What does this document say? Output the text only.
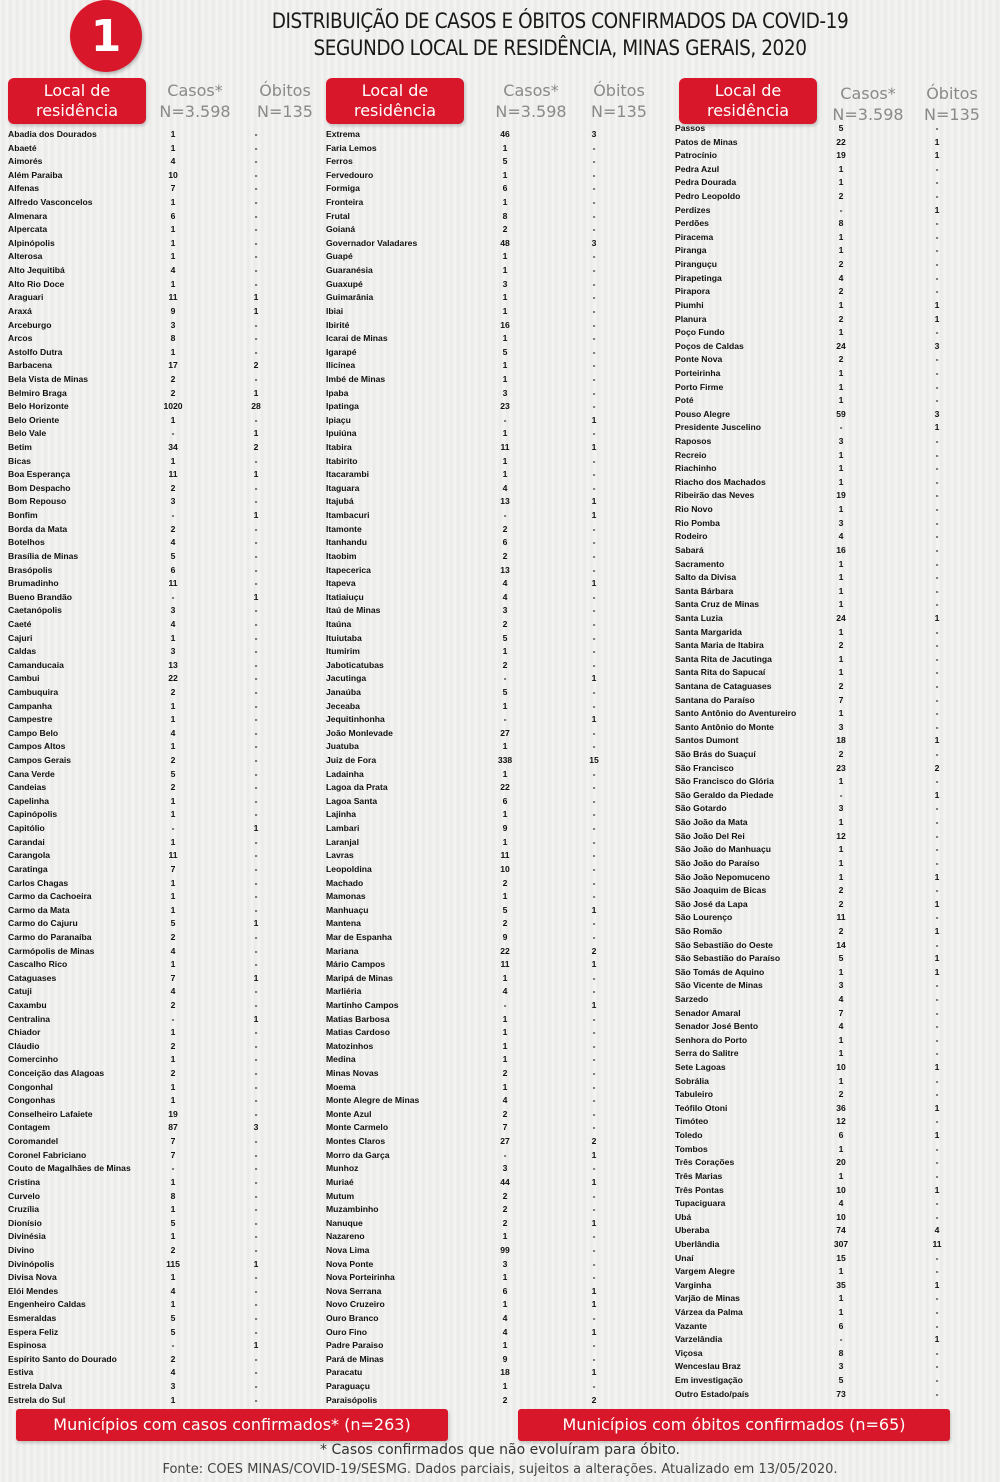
1	DISTRIBUIÇÃO DE CASOS E ÓBITOS CONFIRMADOS DA COVID-19
SEGUNDO LOCAL DE RESIDÊNCIA, MINAS GERAIS, 2020
Local de
residência
Casos*
N=3.598
Óbitos
N=135
Abadia dos Dourados	1	-
Abaeté	1	-
Aimorés	4	-
Além Paraiba	10	-
Alfenas	7	-
Alfredo Vasconcelos	1	-
Almenara	6	-
Alpercata	1	-
Alpinópolis	1	-
Alterosa	1	-
Alto Jequitibá	4	-
Alto Rio Doce	1	-
Araguari	11	1
Araxá	9	1
Arceburgo	3	-
Arcos	8	-
Astolfo Dutra	1	-
Barbacena	17	2
Bela Vista de Minas	2	-
Belmiro Braga	2	1
Belo Horizonte	1020	28
Belo Oriente	1	-
Belo Vale	-	1
Betim	34	2
Bicas	1	-
Boa Esperança	11	1
Bom Despacho	2	-
Bom Repouso	3	-
Bonfim	-	1
Borda da Mata	2	-
Botelhos	4	-
Brasília de Minas	5	-
Brasópolis	6	-
Brumadinho	11	-
Bueno Brandão	-	1
Caetanópolis	3	-
Caeté	4	-
Cajuri	1	-
Caldas	3	-
Camanducaia	13	-
Cambui	22	-
Cambuquira	2	-
Campanha	1	-
Campestre	1	-
Campo Belo	4	-
Campos Altos	1	-
Campos Gerais	2	-
Cana Verde	5	-
Candeias	2	-
Capelinha	1	-
Capinópolis	1	-
Capitólio	-	1
Carandai	1	-
Carangola	11	-
Caratinga	7	-
Carlos Chagas	1	-
Carmo da Cachoeira	1	-
Carmo da Mata	1	-
Carmo do Cajuru	5	1
Carmo do Paranaíba	2	-
Carmópolis de Minas	4	-
Cascalho Rico	1	-
Cataguases	7	1
Catuji	4	-
Caxambu	2	-
Centralina	-	1
Chiador	1	-
Cláudio	2	-
Comercinho	1	-
Conceição das Alagoas	2	-
Congonhal	1	-
Congonhas	1	-
Conselheiro Lafaiete	19	-
Contagem	87	3
Coromandel	7	-
Coronel Fabriciano	7	-
Couto de Magalhães de Minas	-	-
Cristina	1	-
Curvelo	8	-
Cruzília	1	-
Dionísio	5	-
Divinésia	1	-
Divino	2	-
Divinópolis	115	1
Divisa Nova	1	-
Elói Mendes	4	-
Engenheiro Caldas	1	-
Esmeraldas	5	-
Espera Feliz	5	-
Espinosa	-	1
Espírito Santo do Dourado	2	-
Estiva	4	-
Estrela Dalva	3	-
Estrela do Sul	1	-
Local de
residência
Casos*
N=3.598
Óbitos
N=135
Extrema	46	3
Faria Lemos	1	-
Ferros	5	-
Fervedouro	1	-
Formiga	6	-
Fronteira	1	-
Frutal	8	-
Goianá	2	-
Governador Valadares	48	3
Guapé	1	-
Guaranésia	1	-
Guaxupé	3	-
Guimarânia	1	-
Ibiai	1	-
Ibirité	16	-
Icarai de Minas	1	-
Igarapé	5	-
Ilicínea	1	-
Imbé de Minas	1	-
Ipaba	3	-
Ipatinga	23	-
Ipiaçu	-	1
Ipuiúna	1	-
Itabira	11	1
Itabirito	1	-
Itacarambi	1	-
Itaguara	4	-
Itajubá	13	1
Itambacuri	-	1
Itamonte	2	-
Itanhandu	6	-
Itaobim	2	-
Itapecerica	13	-
Itapeva	4	1
Itatiaiuçu	4	-
Itaú de Minas	3	-
Itaúna	2	-
Ituiutaba	5	-
Itumirim	1	-
Jaboticatubas	2	-
Jacutinga	-	1
Janaúba	5	-
Jeceaba	1	-
Jequitinhonha	-	1
João Monlevade	27	-
Juatuba	1	-
Juiz de Fora	338	15
Ladainha	1	-
Lagoa da Prata	22	-
Lagoa Santa	6	-
Lajinha	1	-
Lambari	9	-
Laranjal	1	-
Lavras	11	-
Leopoldina	10	-
Machado	2	-
Mamonas	1	-
Manhuaçu	5	1
Mantena	2	-
Mar de Espanha	9	-
Mariana	22	2
Mário Campos	11	1
Maripá de Minas	1	-
Marliéria	4	-
Martinho Campos	-	1
Matias Barbosa	1	-
Matias Cardoso	1	-
Matozinhos	1	-
Medina	1	-
Minas Novas	2	-
Moema	1	-
Monte Alegre de Minas	4	-
Monte Azul	2	-
Monte Carmelo	7	-
Montes Claros	27	2
Morro da Garça	-	1
Munhoz	3	-
Muriaé	44	1
Mutum	2	-
Muzambinho	2	-
Nanuque	2	1
Nazareno	1	-
Nova Lima	99	-
Nova Ponte	3	-
Nova Porteirinha	1	-
Nova Serrana	6	1
Novo Cruzeiro	1	1
Ouro Branco	4	-
Ouro Fino	4	1
Padre Paraiso	1	-
Pará de Minas	9	-
Paracatu	18	1
Paraguaçu	1	-
Paraisópolis	2	2
Local de
residência
Casos*
N=3.598
Óbitos
N=135
Passos	5	-
Patos de Minas	22	1
Patrocínio	19	1
Pedra Azul	1	-
Pedra Dourada	1	-
Pedro Leopoldo	2	-
Perdizes	-	1
Perdões	8	-
Piracema	1	-
Piranga	1	-
Piranguçu	2	-
Pirapetinga	4	-
Pirapora	2	-
Piumhi	1	1
Planura	2	1
Poço Fundo	1	-
Poços de Caldas	24	3
Ponte Nova	2	-
Porteirinha	1	-
Porto Firme	1	-
Poté	1	-
Pouso Alegre	59	3
Presidente Juscelino	-	1
Raposos	3	-
Recreio	1	-
Riachinho	1	-
Riacho dos Machados	1	-
Ribeirão das Neves	19	-
Rio Novo	1	-
Rio Pomba	3	-
Rodeiro	4	-
Sabará	16	-
Sacramento	1	-
Salto da Divisa	1	-
Santa Bárbara	1	-
Santa Cruz de Minas	1	-
Santa Luzia	24	1
Santa Margarida	1	-
Santa Maria de Itabira	2	-
Santa Rita de Jacutinga	1	-
Santa Rita do Sapucaí	1	-
Santana de Cataguases	2	-
Santana do Paraíso	7	-
Santo Antônio do Aventureiro	1	-
Santo Antônio do Monte	3	-
Santos Dumont	18	1
São Brás do Suaçuí	2	-
São Francisco	23	2
São Francisco do Glória	1	-
São Geraldo da Piedade	-	1
São Gotardo	3	-
São João da Mata	1	-
São João Del Rei	12	-
São João do Manhuaçu	1	-
São João do Paraíso	1	-
São João Nepomuceno	1	1
São Joaquim de Bicas	2	-
São José da Lapa	2	1
São Lourenço	11	-
São Romão	2	1
São Sebastião do Oeste	14	-
São Sebastião do Paraíso	5	1
São Tomás de Aquino	1	1
São Vicente de Minas	3	-
Sarzedo	4	-
Senador Amaral	7	-
Senador José Bento	4	-
Senhora do Porto	1	-
Serra do Salitre	1	-
Sete Lagoas	10	1
Sobrália	1	-
Tabuleiro	2	-
Teófilo Otoni	36	1
Timóteo	12	-
Toledo	6	1
Tombos	1	-
Três Corações	20	-
Três Marias	1	-
Três Pontas	10	1
Tupaciguara	4	-
Ubá	10	-
Uberaba	74	4
Uberlândia	307	11
Unaí	15	-
Vargem Alegre	1	-
Varginha	35	1
Varjão de Minas	1	-
Várzea da Palma	1	-
Vazante	6	-
Varzelândia	-	1
Viçosa	8	-
Wenceslau Braz	3	-
Em investigação	5	-
Outro Estado/país	73	-
Municípios com casos confirmados* (n=263)	Municípios com óbitos confirmados (n=65)
* Casos confirmados que não evoluíram para óbito.
Fonte: COES MINAS/COVID-19/SESMG. Dados parciais, sujeitos a alterações. Atualizado em 13/05/2020.
